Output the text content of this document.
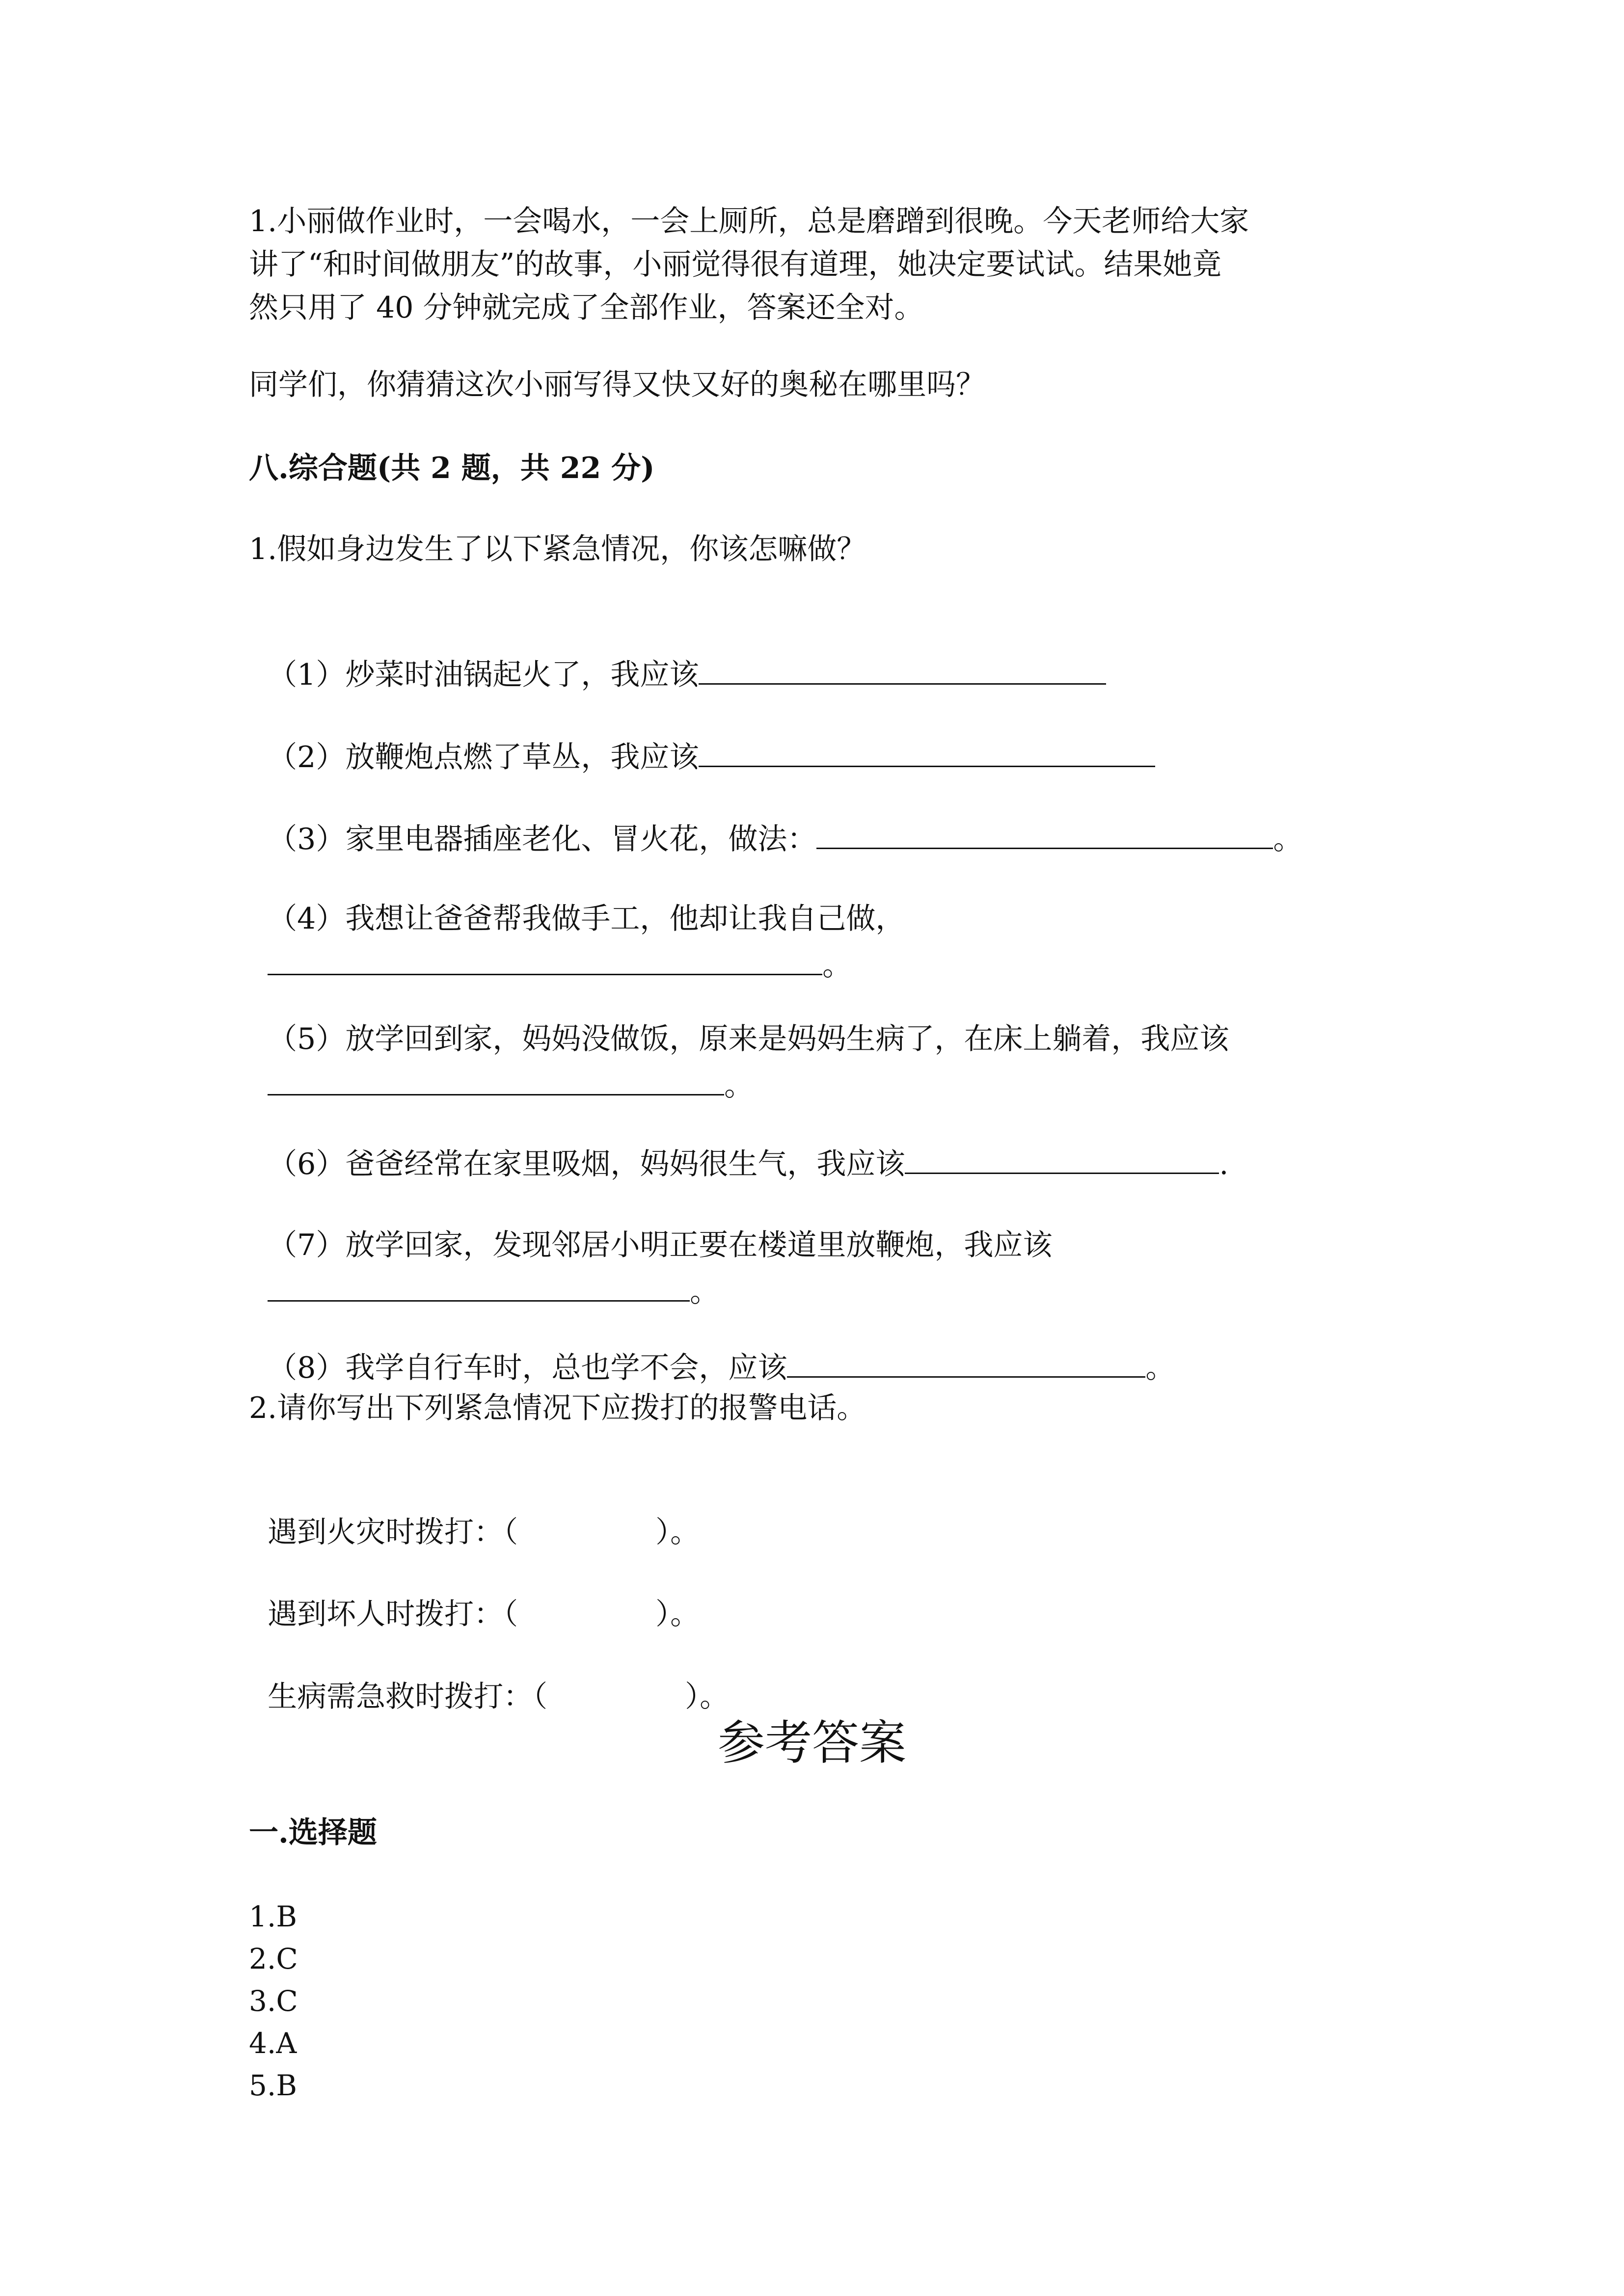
1.小丽做作业时，一会喝水，一会上厕所，总是磨蹭到很晚。今天老师给大家
讲了“和时间做朋友”的故事，小丽觉得很有道理，她决定要试试。结果她竟
然只用了 40 分钟就完成了全部作业，答案还全对。
同学们，你猜猜这次小丽写得又快又好的奥秘在哪里吗？
八.综合题(共 2 题，共 22 分)
1.假如身边发生了以下紧急情况，你该怎嘛做？

（1）炒菜时油锅起火了，我应该

（2）放鞭炮点燃了草丛，我应该

（3）家里电器插座老化、冒火花，做法：	。

（4）我想让爸爸帮我做手工，他却让我自己做，

。

（5）放学回到家，妈妈没做饭，原来是妈妈生病了，在床上躺着，我应该

。

（6）爸爸经常在家里吸烟，妈妈很生气，我应该	.

（7）放学回家，发现邻居小明正要在楼道里放鞭炮，我应该

。

（8）我学自行车时，总也学不会，应该	。

2.请你写出下列紧急情况下应拨打的报警电话。

遇到火灾时拨打：（	）。

遇到坏人时拨打：（	）。

生病需急救时拨打：（	）。

参考答案
一.选择题
1.B
2.C
3.C
4.A
5.B
